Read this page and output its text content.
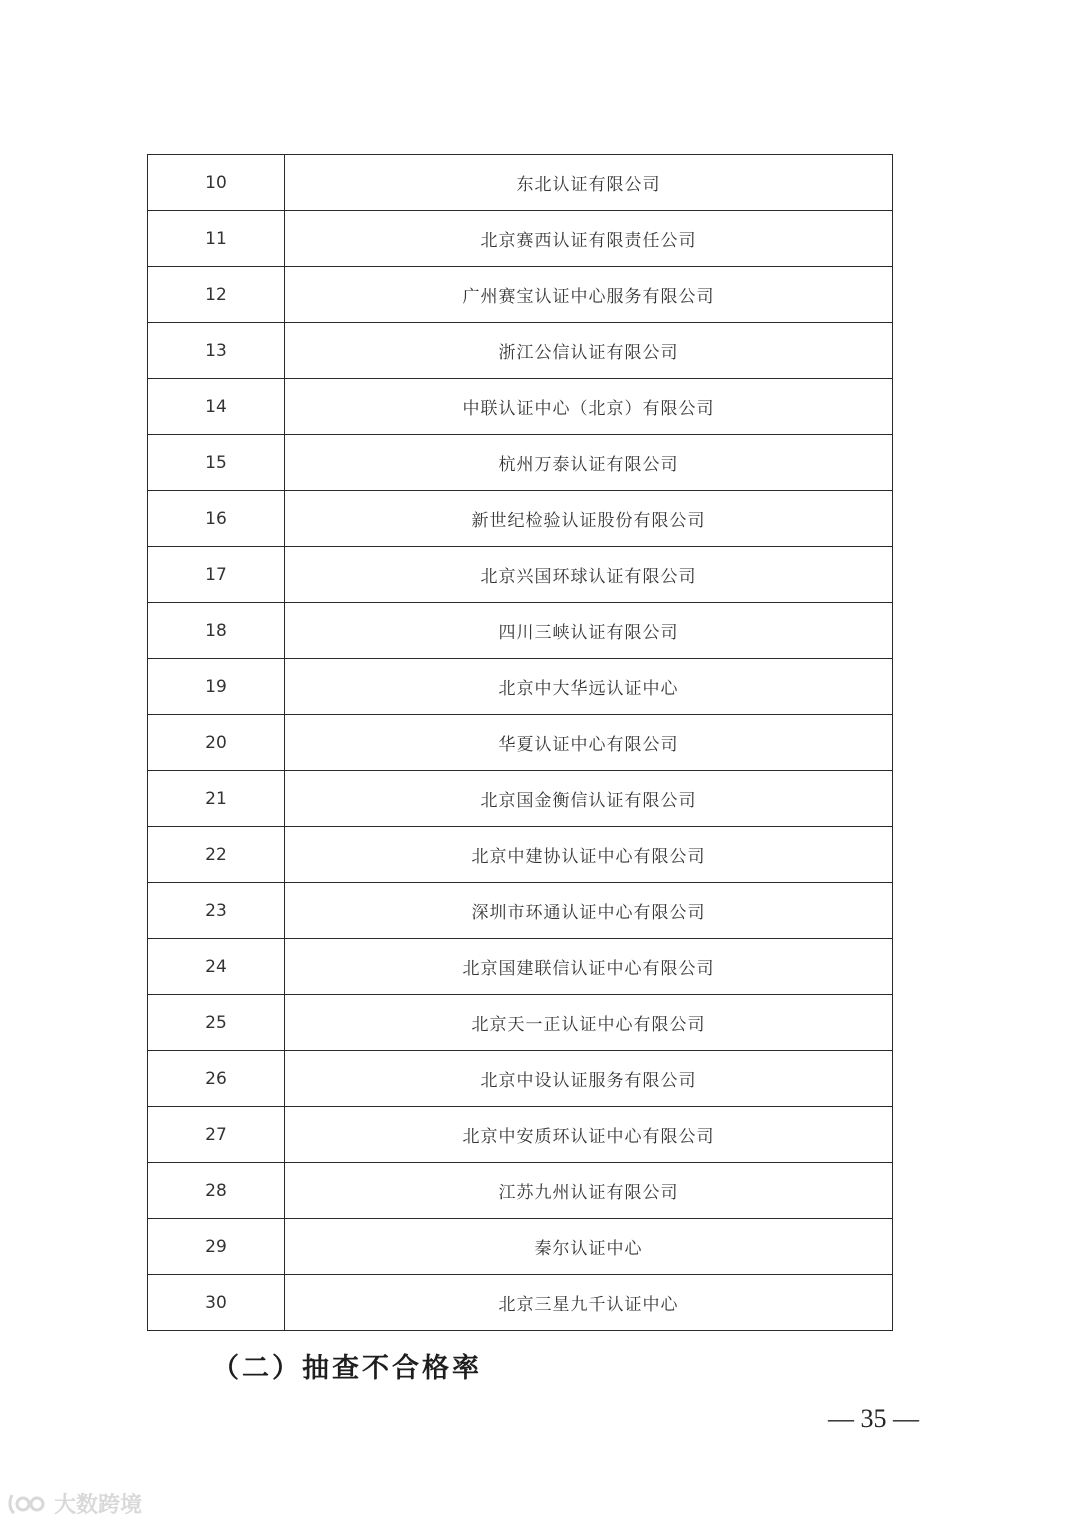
10	东北认证有限公司
11	北京赛西认证有限责任公司
12	广州赛宝认证中心服务有限公司
13	浙江公信认证有限公司
14	中联认证中心（北京）有限公司
15	杭州万泰认证有限公司
16	新世纪检验认证股份有限公司
17	北京兴国环球认证有限公司
18	四川三峡认证有限公司
19	北京中大华远认证中心
20	华夏认证中心有限公司
21	北京国金衡信认证有限公司
22	北京中建协认证中心有限公司
23	深圳市环通认证中心有限公司
24	北京国建联信认证中心有限公司
25	北京天一正认证中心有限公司
26	北京中设认证服务有限公司
27	北京中安质环认证中心有限公司
28	江苏九州认证有限公司
29	秦尔认证中心
30	北京三星九千认证中心
（二）抽查不合格率
— 35 —
大数跨境
